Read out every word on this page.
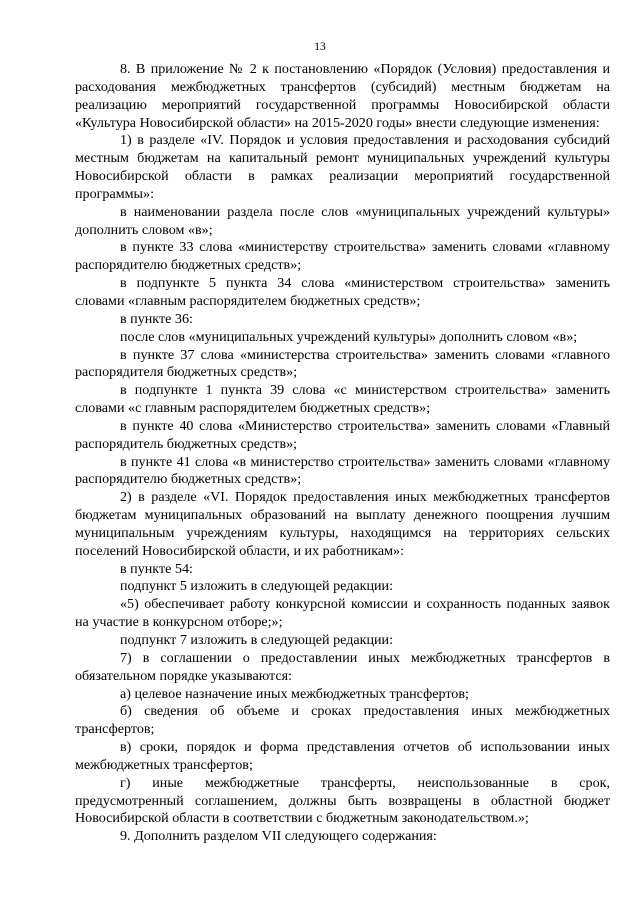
13

8. В приложение № 2 к постановлению «Порядок (Условия) предоставления и расходования межбюджетных трансфертов (субсидий) местным бюджетам на реализацию мероприятий государственной программы Новосибирской области «Культура Новосибирской области» на 2015-2020 годы» внести следующие изменения:

1) в разделе «IV. Порядок и условия предоставления и расходования субсидий местным бюджетам на капитальный ремонт муниципальных учреждений культуры Новосибирской области в рамках реализации мероприятий государственной программы»:

в наименовании раздела после слов «муниципальных учреждений культуры» дополнить словом «в»;

в пункте 33 слова «министерству строительства» заменить словами «главному распорядителю бюджетных средств»;

в подпункте 5 пункта 34 слова «министерством строительства» заменить словами «главным распорядителем бюджетных средств»;

в пункте 36:

после слов «муниципальных учреждений культуры» дополнить словом «в»;

в пункте 37 слова «министерства строительства» заменить словами «главного распорядителя бюджетных средств»;

в подпункте 1 пункта 39 слова «с министерством строительства» заменить словами «с главным распорядителем бюджетных средств»;

в пункте 40 слова «Министерство строительства» заменить словами «Главный распорядитель бюджетных средств»;

в пункте 41 слова «в министерство строительства» заменить словами «главному распорядителю бюджетных средств»;

2) в разделе «VI. Порядок предоставления иных межбюджетных трансфертов бюджетам муниципальных образований на выплату денежного поощрения лучшим муниципальным учреждениям культуры, находящимся на территориях сельских поселений Новосибирской области, и их работникам»:

в пункте 54:

подпункт 5 изложить в следующей редакции:

«5) обеспечивает работу конкурсной комиссии и сохранность поданных заявок на участие в конкурсном отборе;»;

подпункт 7 изложить в следующей редакции:

7) в соглашении о предоставлении иных межбюджетных трансфертов в обязательном порядке указываются:

а) целевое назначение иных межбюджетных трансфертов;

б) сведения об объеме и сроках предоставления иных межбюджетных трансфертов;

в) сроки, порядок и форма представления отчетов об использовании иных межбюджетных трансфертов;

г) иные межбюджетные трансферты, неиспользованные в срок, предусмотренный соглашением, должны быть возвращены в областной бюджет Новосибирской области в соответствии с бюджетным законодательством.»;

9. Дополнить разделом VII следующего содержания:
